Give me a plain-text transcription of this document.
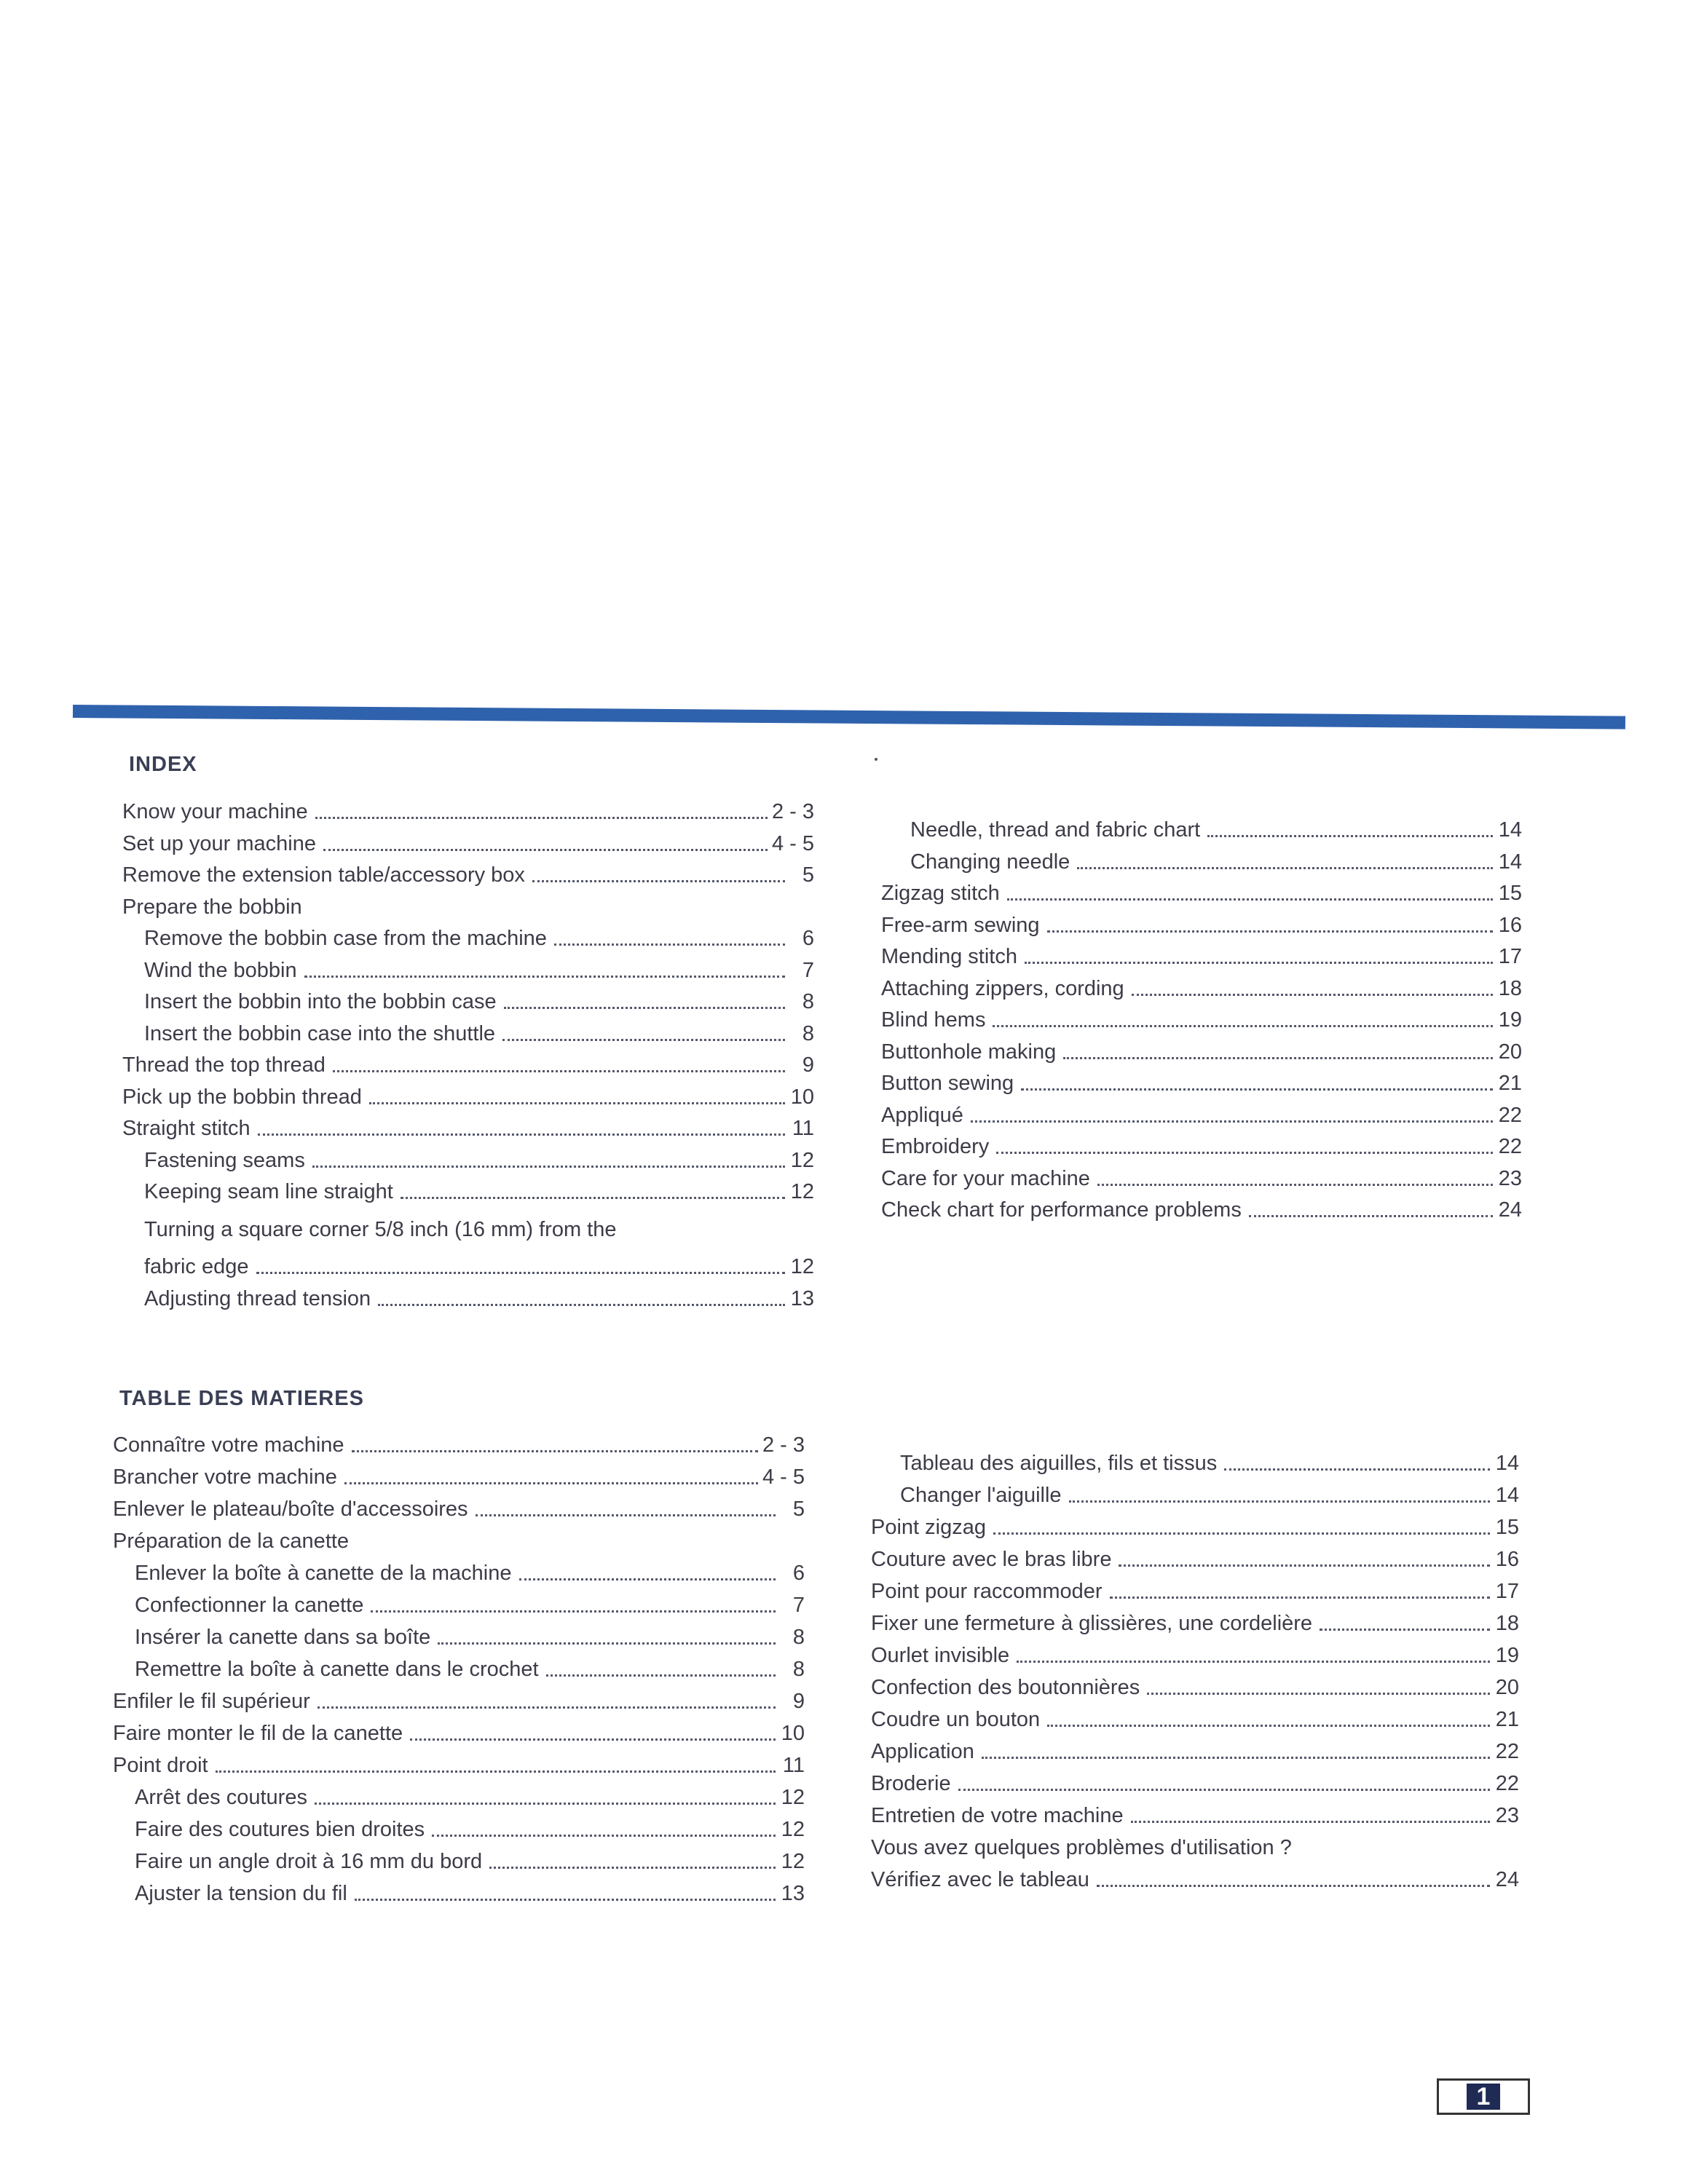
INDEX
Know your machine	2 - 3
Set up your machine	4 - 5
Remove the extension table/accessory box	5
Prepare the bobbin
Remove the bobbin case from the machine	6
Wind the bobbin	7
Insert the bobbin into the bobbin case	8
Insert the bobbin case into the shuttle	8
Thread the top thread	9
Pick up the bobbin thread	10
Straight stitch	11
Fastening seams	12
Keeping seam line straight	12
Turning a square corner 5/8 inch (16 mm) from the
fabric edge	12
Adjusting thread tension	13
Needle, thread and fabric chart	14
Changing needle	14
Zigzag stitch	15
Free-arm sewing	16
Mending stitch	17
Attaching zippers, cording	18
Blind hems	19
Buttonhole making	20
Button sewing	21
Appliqué	22
Embroidery	22
Care for your machine	23
Check chart for performance problems	24
TABLE DES MATIERES
Connaître votre machine	2 - 3
Brancher votre machine	4 - 5
Enlever le plateau/boîte d'accessoires	5
Préparation de la canette
Enlever la boîte à canette de la machine	6
Confectionner la canette	7
Insérer la canette dans sa boîte	8
Remettre la boîte à canette dans le crochet	8
Enfiler le fil supérieur	9
Faire monter le fil de la canette	10
Point droit	11
Arrêt des coutures	12
Faire des coutures bien droites	12
Faire un angle droit à 16 mm du bord	12
Ajuster la tension du fil	13
Tableau des aiguilles, fils et tissus	14
Changer l'aiguille	14
Point zigzag	15
Couture avec le bras libre	16
Point pour raccommoder	17
Fixer une fermeture à glissières, une cordelière	18
Ourlet invisible	19
Confection des boutonnières	20
Coudre un bouton	21
Application	22
Broderie	22
Entretien de votre machine	23
Vous avez quelques problèmes d'utilisation ?
Vérifiez avec le tableau	24
1
